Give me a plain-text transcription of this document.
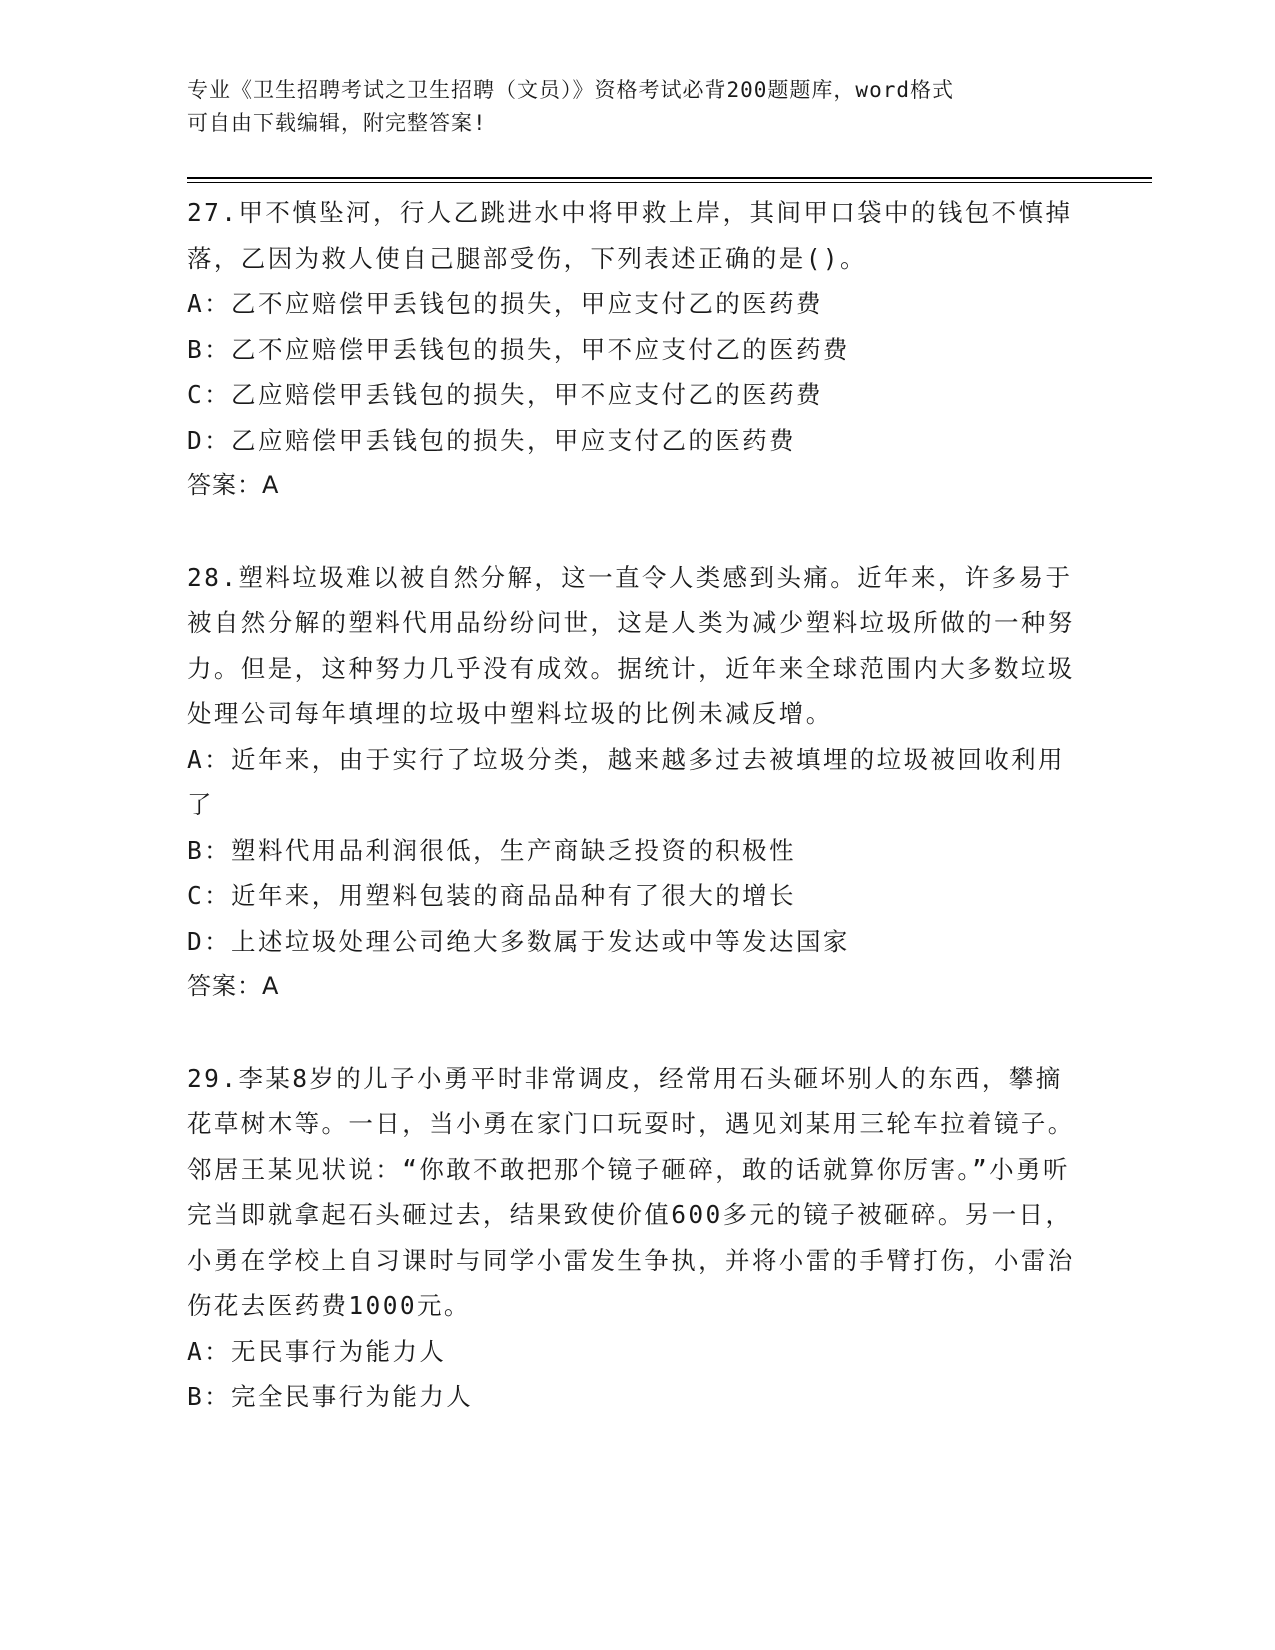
专业《卫生招聘考试之卫生招聘（文员）》资格考试必背200题题库，word格式
可自由下载编辑，附完整答案!
27.甲不慎坠河，行人乙跳进水中将甲救上岸，其间甲口袋中的钱包不慎掉落，乙因为救人使自己腿部受伤，下列表述正确的是()。
A：乙不应赔偿甲丢钱包的损失，甲应支付乙的医药费
B：乙不应赔偿甲丢钱包的损失，甲不应支付乙的医药费
C：乙应赔偿甲丢钱包的损失，甲不应支付乙的医药费
D：乙应赔偿甲丢钱包的损失，甲应支付乙的医药费
答案：A
28.塑料垃圾难以被自然分解，这一直令人类感到头痛。近年来，许多易于被自然分解的塑料代用品纷纷问世，这是人类为减少塑料垃圾所做的一种努力。但是，这种努力几乎没有成效。据统计，近年来全球范围内大多数垃圾处理公司每年填埋的垃圾中塑料垃圾的比例未减反增。
A：近年来，由于实行了垃圾分类，越来越多过去被填埋的垃圾被回收利用了
B：塑料代用品利润很低，生产商缺乏投资的积极性
C：近年来，用塑料包装的商品品种有了很大的增长
D：上述垃圾处理公司绝大多数属于发达或中等发达国家
答案：A
29.李某8岁的儿子小勇平时非常调皮，经常用石头砸坏别人的东西，攀摘花草树木等。一日，当小勇在家门口玩耍时，遇见刘某用三轮车拉着镜子。邻居王某见状说：“你敢不敢把那个镜子砸碎，敢的话就算你厉害。”小勇听完当即就拿起石头砸过去，结果致使价值600多元的镜子被砸碎。另一日，小勇在学校上自习课时与同学小雷发生争执，并将小雷的手臂打伤，小雷治伤花去医药费1000元。
A：无民事行为能力人
B：完全民事行为能力人
